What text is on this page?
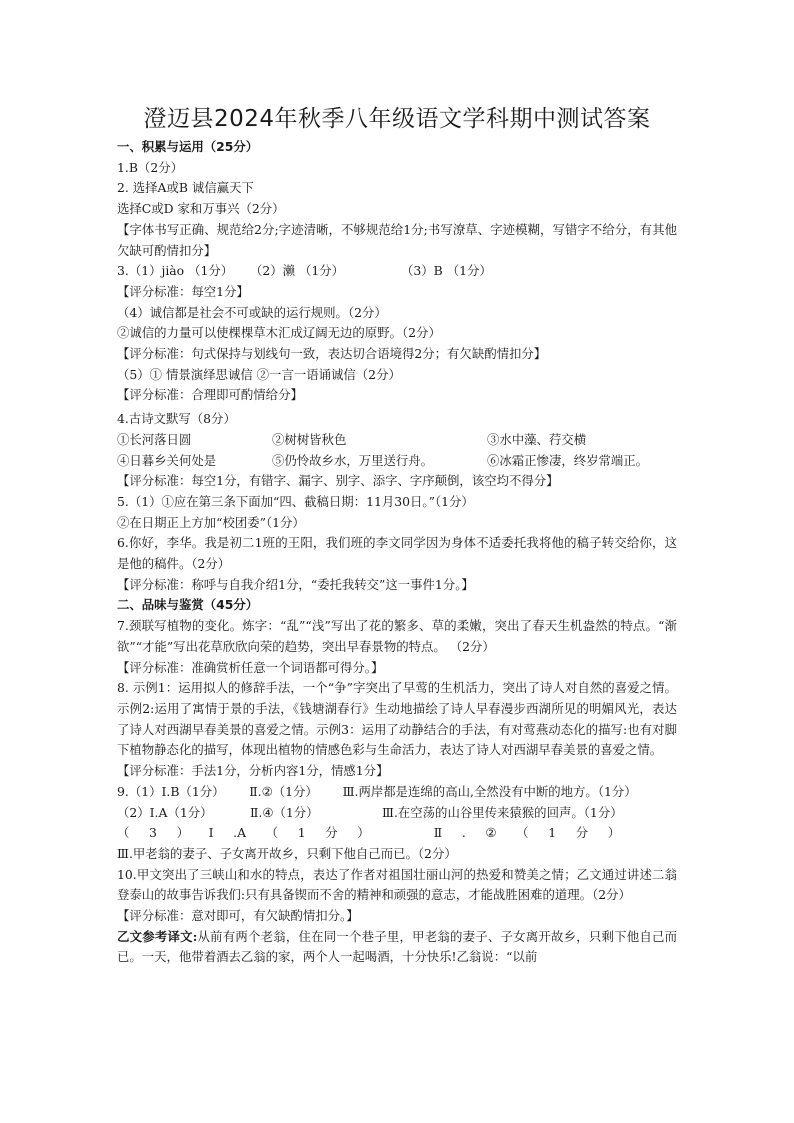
澄迈县2024年秋季八年级语文学科期中测试答案

一、积累与运用（25分）

1.B（2分）

2. 选择A或B 诚信赢天下

选择C或D 家和万事兴（2分）

【字体书写正确、规范给2分;字迹清晰，不够规范给1分;书写潦草、字迹模糊，写错字不给分，有其他欠缺可酌情扣分】

3.（1）jiào （1分）	（2）濑 （1分）	（3）B （1分）

【评分标准：每空1分】

（4）诚信都是社会不可或缺的运行规则。（2分）

②诚信的力量可以使棵棵草木汇成辽阔无边的原野。（2分）

【评分标准：句式保持与划线句一致，表达切合语境得2分；有欠缺酌情扣分】

（5）① 情景演绎思诚信 ②一言一语诵诚信（2分）

【评分标准：合理即可酌情给分】

4.古诗文默写（8分）

①长河落日圆	②树树皆秋色	③水中藻、荇交横
④日暮乡关何处是	⑤仍怜故乡水，万里送行舟。	⑥冰霜正惨凄，终岁常端正。

【评分标准：每空1分，有错字、漏字、别字、添字、字序颠倒，该空均不得分】

5.（1）①应在第三条下面加“四、截稿日期：11月30日。”（1分）

②在日期正上方加“校团委”（1分）

6.你好，李华。我是初二1班的王阳，我们班的李文同学因为身体不适委托我将他的稿子转交给你，这是他的稿件。（2分）

【评分标准：称呼与自我介绍1分，“委托我转交”这一事件1分。】

二、品味与鉴赏（45分）

7.颈联写植物的变化。炼字：“乱”“浅”写出了花的繁多、草的柔嫩，突出了春天生机盎然的特点。“渐欲”“才能”写出花草欣欣向荣的趋势，突出早春景物的特点。 （2分）

【评分标准：准确赏析任意一个词语都可得分。】

8. 示例1：运用拟人的修辞手法，一个“争”字突出了早莺的生机活力，突出了诗人对自然的喜爱之情。示例2:运用了寓情于景的手法，《钱塘湖春行》生动地描绘了诗人早春漫步西湖所见的明媚风光，表达了诗人对西湖早春美景的喜爱之情。示例3：运用了动静结合的手法，有对莺燕动态化的描写:也有对脚下植物静态化的描写，体现出植物的情感色彩与生命活力，表达了诗人对西湖早春美景的喜爱之情。

【评分标准：手法1分，分析内容1分，情感1分】

9.（1）Ⅰ.B（1分）   Ⅱ.②（1分）   Ⅲ.两岸都是连绵的高山,全然没有中断的地方。（1分）
（2）Ⅰ.A（1分）	Ⅱ.④（1分）	Ⅲ.在空荡的山谷里传来猿猴的回声。（1分）
（3）Ⅰ.A（1分）   Ⅱ.②（1分）   Ⅲ.甲老翁的妻子、子女离开故乡，只剩下他自己而已。（2分）

10.甲文突出了三峡山和水的特点，表达了作者对祖国壮丽山河的热爱和赞美之情；乙文通过讲述二翁登泰山的故事告诉我们:只有具备锲而不舍的精神和顽强的意志，才能战胜困难的道理。（2分）

【评分标准：意对即可，有欠缺酌情扣分。】

乙文参考译文:从前有两个老翁，住在同一个巷子里，甲老翁的妻子、子女离开故乡，只剩下他自己而已。一天，他带着酒去乙翁的家，两个人一起喝酒，十分快乐!乙翁说：“以前
